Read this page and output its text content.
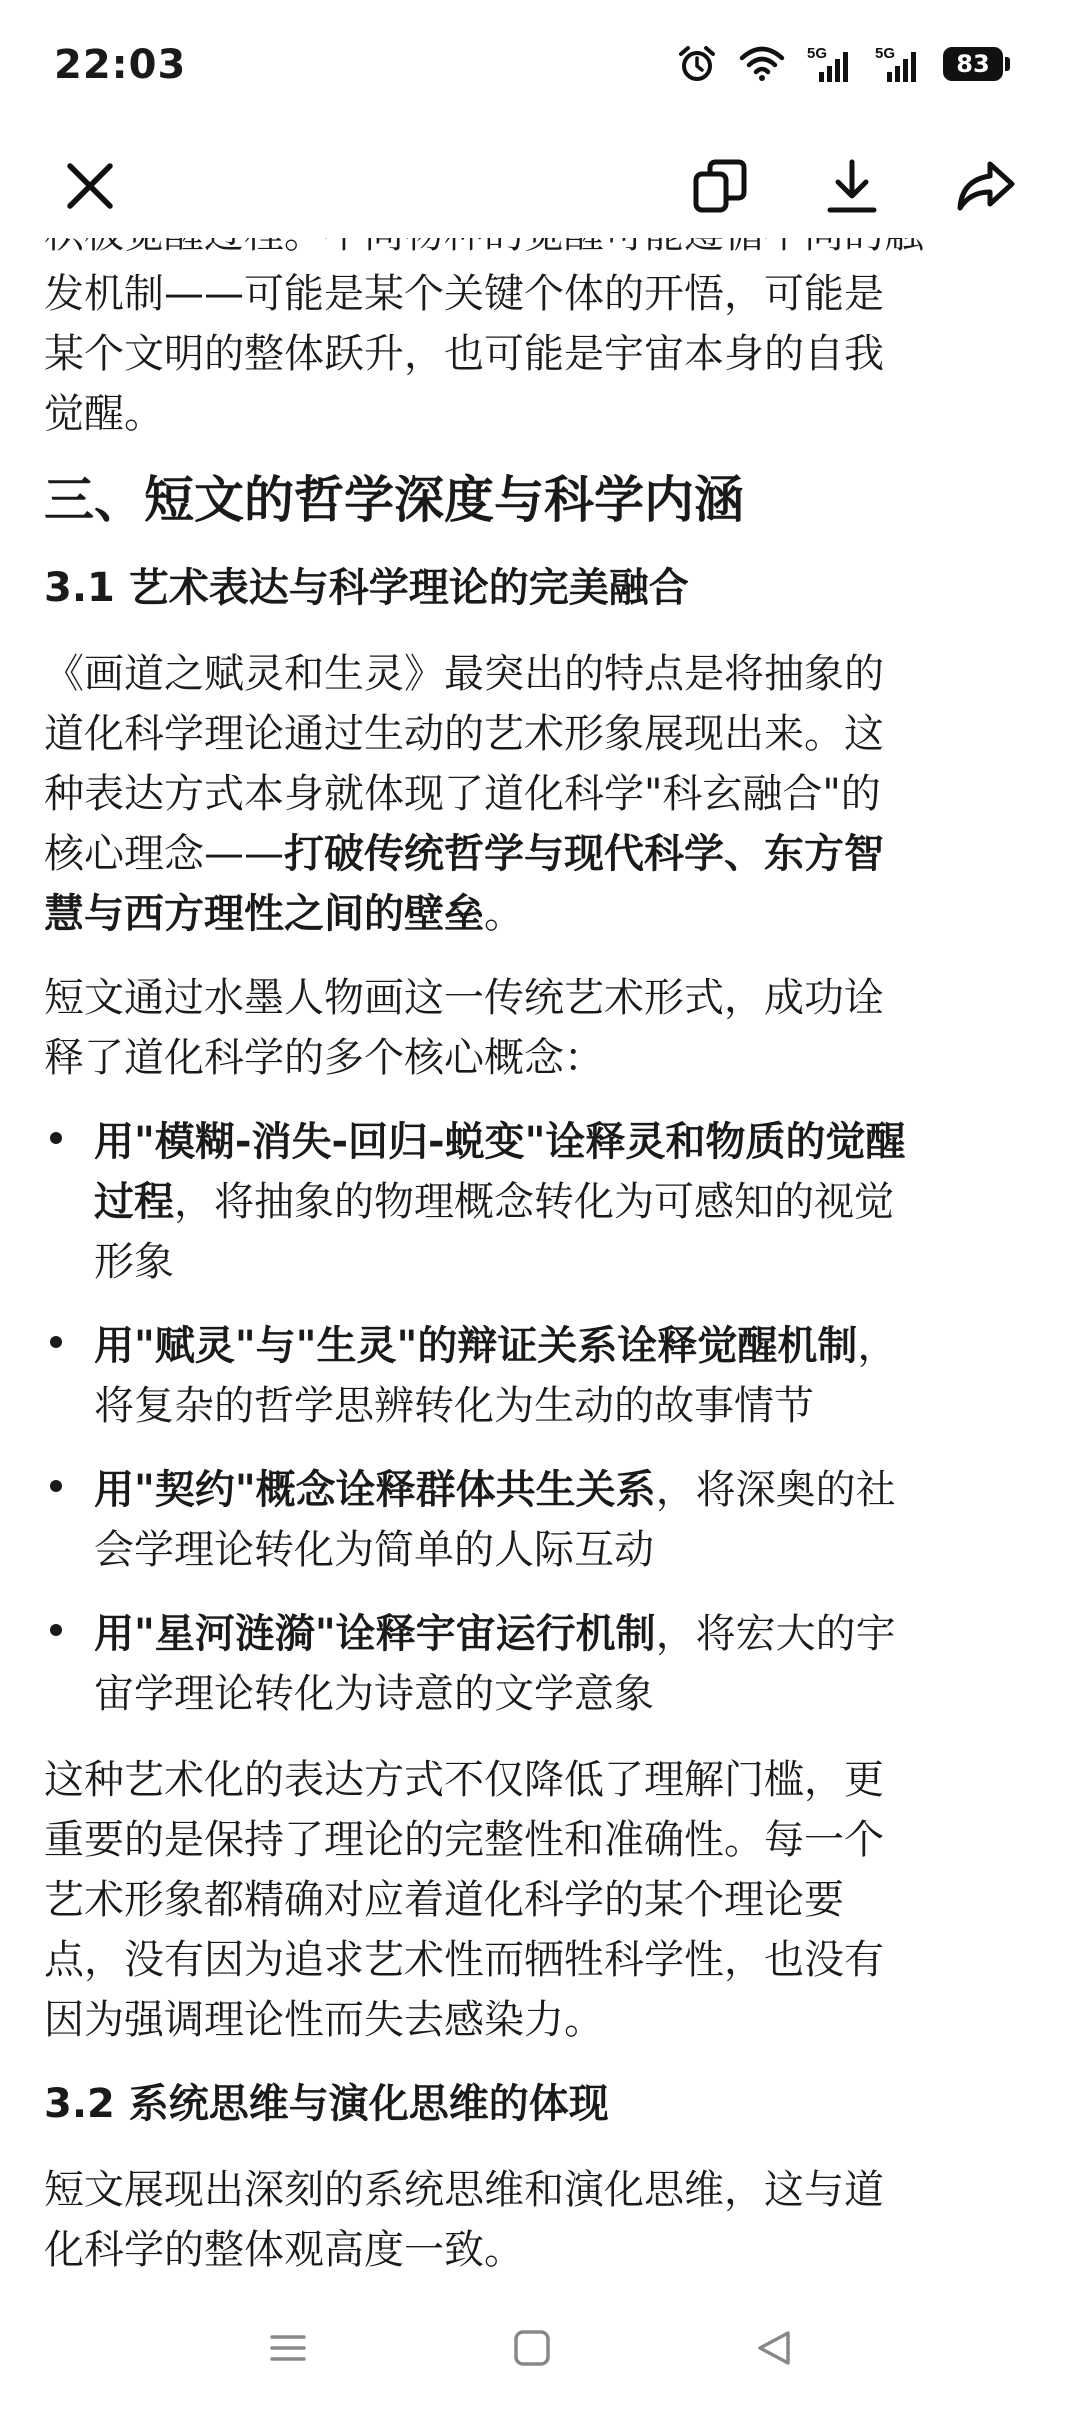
发机制——可能是某个关键个体的开悟，可能是
某个文明的整体跃升，也可能是宇宙本身的自我
觉醒。
三、短文的哲学深度与科学内涵
3.1 艺术表达与科学理论的完美融合
《画道之赋灵和生灵》最突出的特点是将抽象的
道化科学理论通过生动的艺术形象展现出来。这
种表达方式本身就体现了道化科学"科玄融合"的
核心理念——打破传统哲学与现代科学、东方智
慧与西方理性之间的壁垒。
短文通过水墨人物画这一传统艺术形式，成功诠
释了道化科学的多个核心概念：
用"模糊-消失-回归-蜕变"诠释灵和物质的觉醒
过程，将抽象的物理概念转化为可感知的视觉
形象
用"赋灵"与"生灵"的辩证关系诠释觉醒机制，
将复杂的哲学思辨转化为生动的故事情节
用"契约"概念诠释群体共生关系，将深奥的社
会学理论转化为简单的人际互动
用"星河涟漪"诠释宇宙运行机制，将宏大的宇
宙学理论转化为诗意的文学意象
这种艺术化的表达方式不仅降低了理解门槛，更
重要的是保持了理论的完整性和准确性。每一个
艺术形象都精确对应着道化科学的某个理论要
点，没有因为追求艺术性而牺牲科学性，也没有
因为强调理论性而失去感染力。
3.2 系统思维与演化思维的体现
短文展现出深刻的系统思维和演化思维，这与道
化科学的整体观高度一致。
22:03	5G	5G	83
